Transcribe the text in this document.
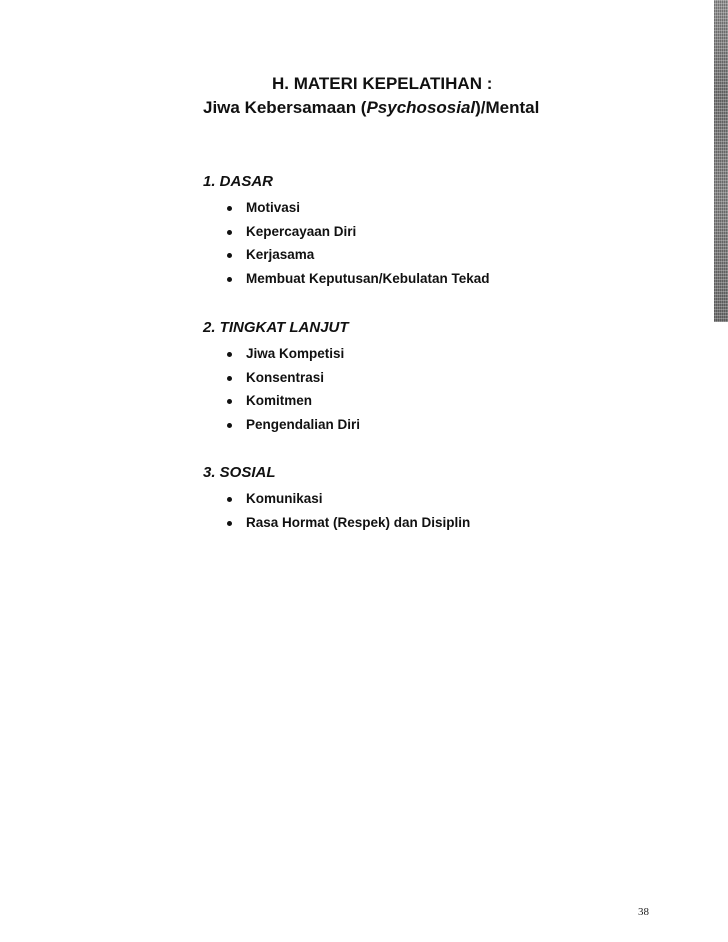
H. MATERI KEPELATIHAN :
Jiwa Kebersamaan (Psychososial)/Mental
1. DASAR
Motivasi
Kepercayaan Diri
Kerjasama
Membuat Keputusan/Kebulatan Tekad
2. TINGKAT LANJUT
Jiwa Kompetisi
Konsentrasi
Komitmen
Pengendalian Diri
3. SOSIAL
Komunikasi
Rasa Hormat (Respek) dan Disiplin
38
